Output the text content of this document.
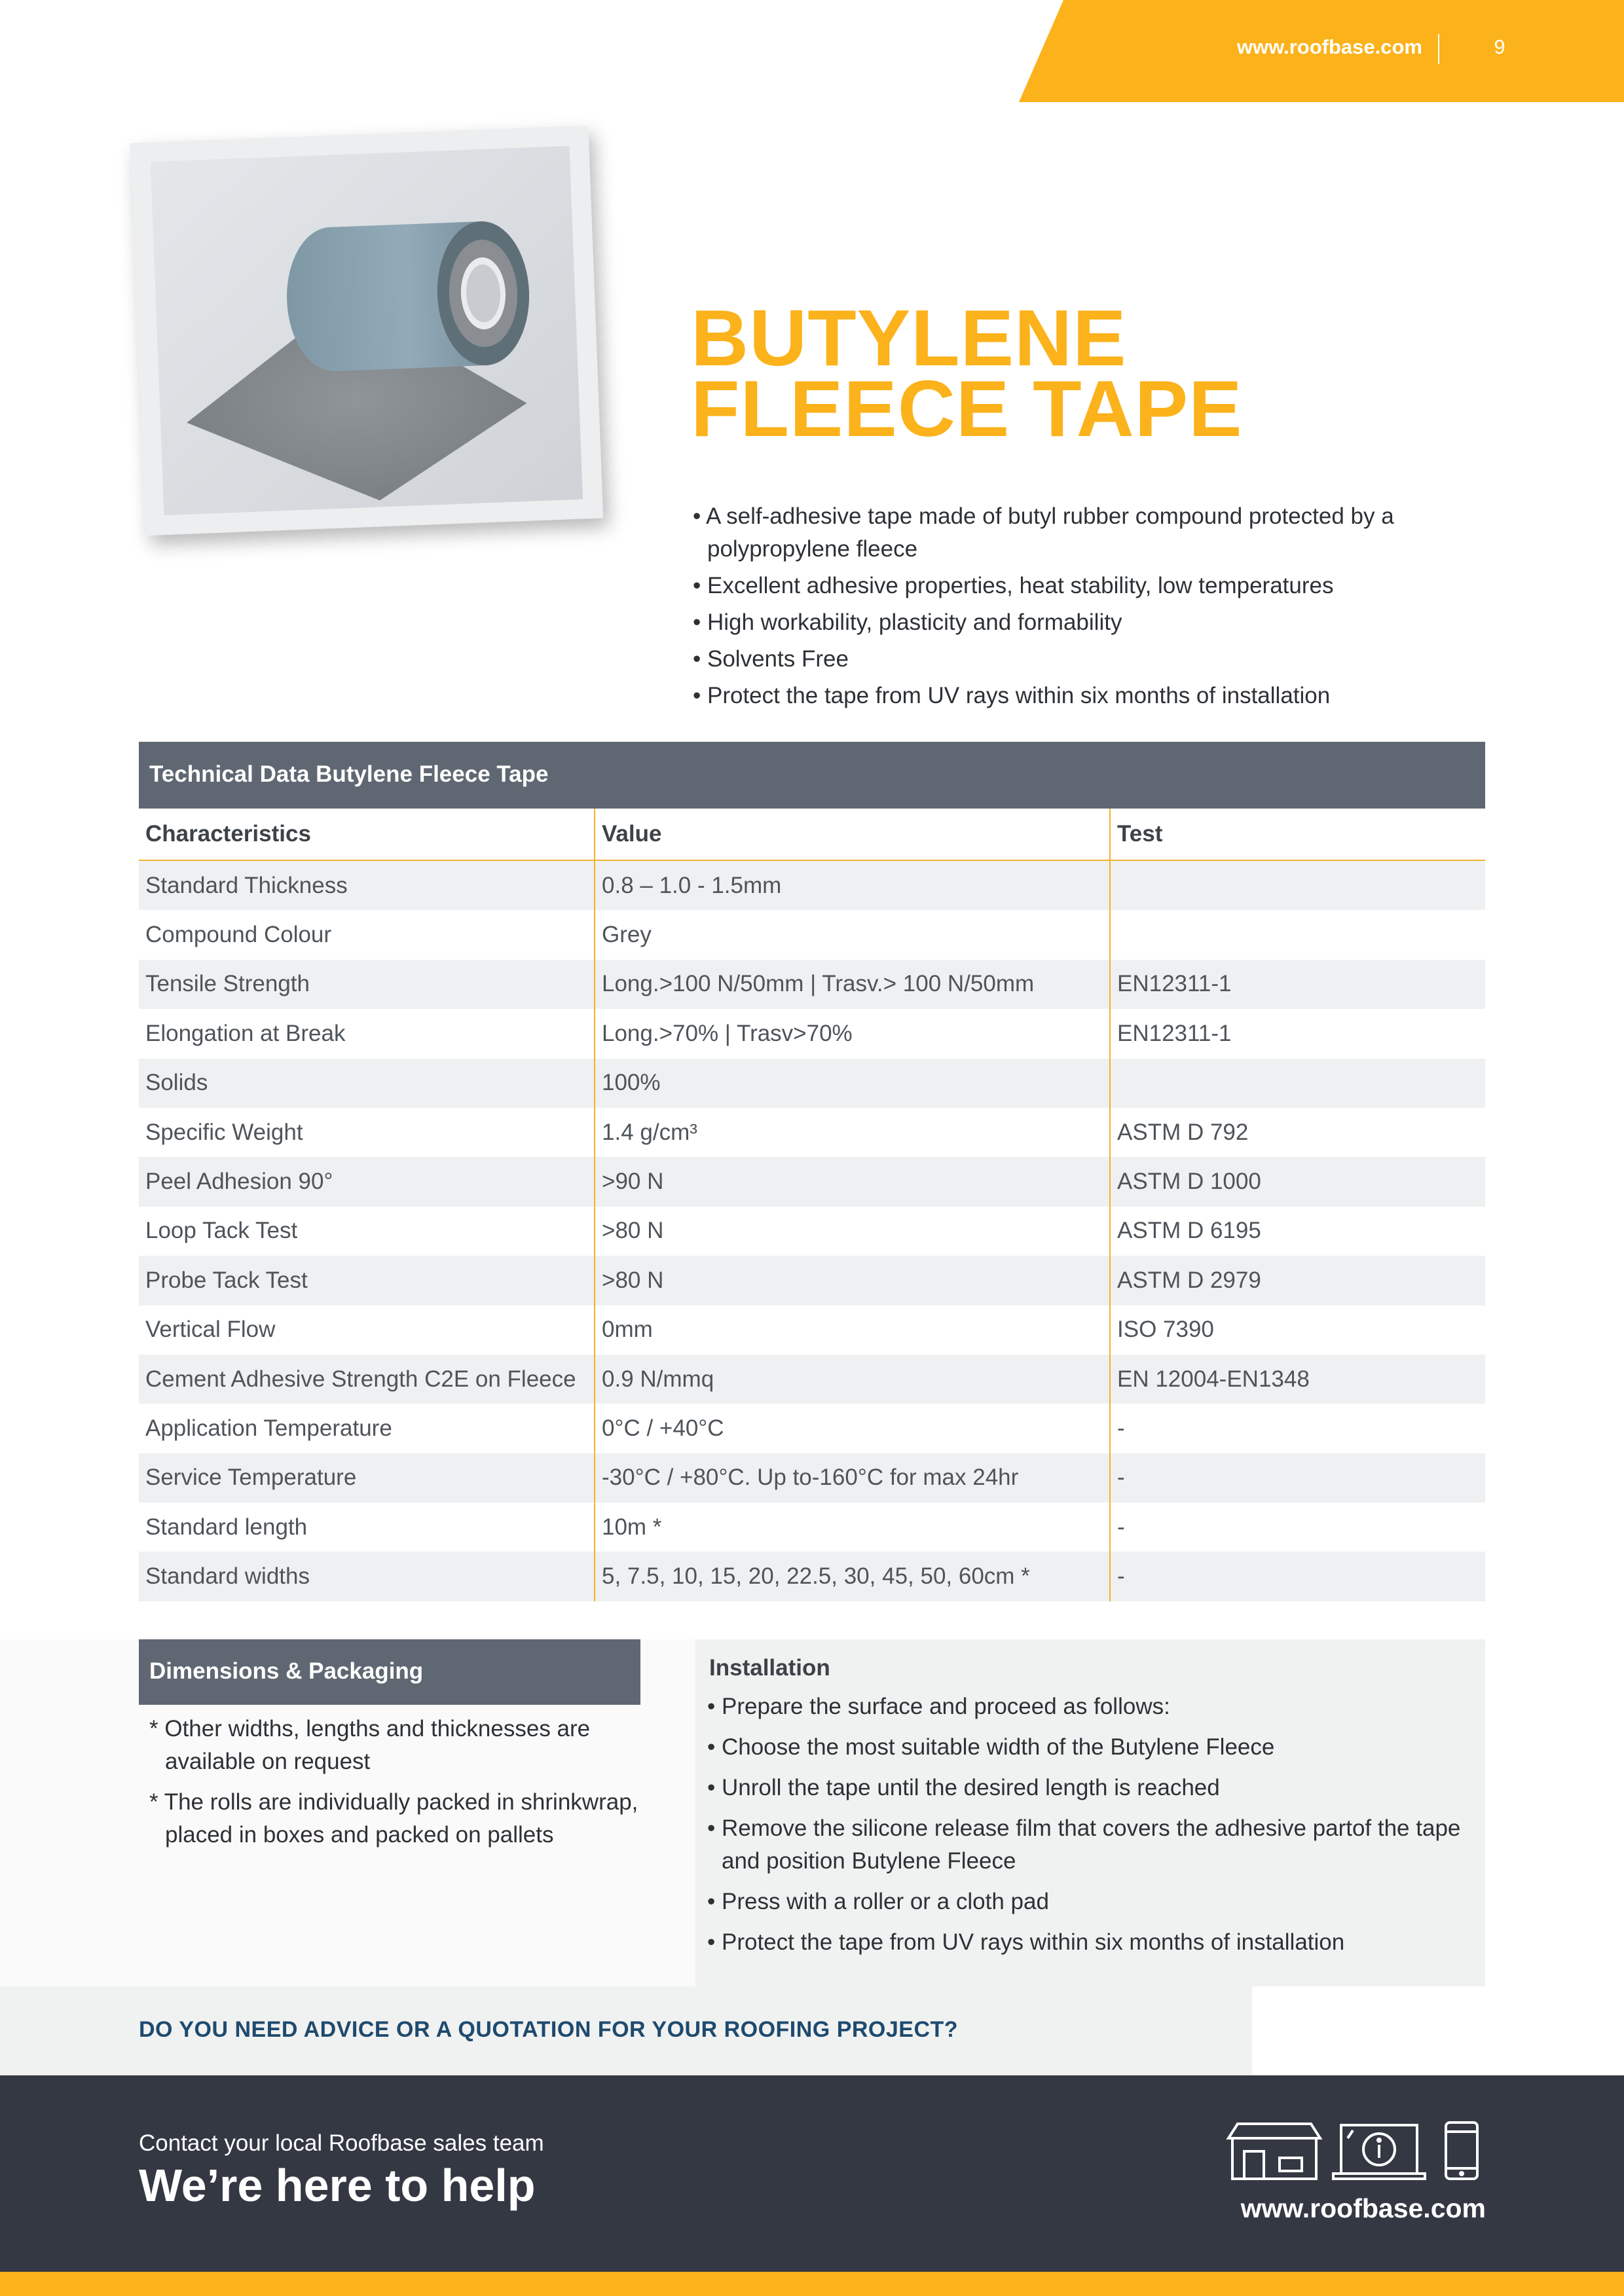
www.roofbase.com	9
BUTYLENE
FLEECE TAPE
• A self-adhesive tape made of butyl rubber compound protected by a polypropylene fleece
• Excellent adhesive properties, heat stability, low temperatures
• High workability, plasticity and formability
• Solvents Free
• Protect the tape from UV rays within six months of installation
Technical Data Butylene Fleece Tape
Characteristics	Value	Test
Standard Thickness	0.8 – 1.0 - 1.5mm	
Compound Colour	Grey	
Tensile Strength	Long.>100 N/50mm | Trasv.> 100 N/50mm	EN12311-1
Elongation at Break	Long.>70% | Trasv>70%	EN12311-1
Solids	100%	
Specific Weight	1.4 g/cm³	ASTM D 792
Peel Adhesion 90°	>90 N	ASTM D 1000
Loop Tack Test	>80 N	ASTM D 6195
Probe Tack Test	>80 N	ASTM D 2979
Vertical Flow	0mm	ISO 7390
Cement Adhesive Strength C2E on Fleece	0.9 N/mmq	EN 12004-EN1348
Application Temperature	0°C / +40°C	-
Service Temperature	-30°C / +80°C. Up to-160°C for max 24hr	-
Standard length	10m *	-
Standard widths	5, 7.5, 10, 15, 20, 22.5, 30, 45, 50, 60cm *	-
Dimensions & Packaging
* Other widths, lengths and thicknesses are available on request
* The rolls are individually packed in shrinkwrap, placed in boxes and packed on pallets
Installation
• Prepare the surface and proceed as follows:
• Choose the most suitable width of the Butylene Fleece
• Unroll the tape until the desired length is reached
• Remove the silicone release film that covers the adhesive partof the tape and position Butylene Fleece
• Press with a roller or a cloth pad
• Protect the tape from UV rays within six months of installation
DO YOU NEED ADVICE OR A QUOTATION FOR YOUR ROOFING PROJECT?
Contact your local Roofbase sales team
We’re here to help	www.roofbase.com
